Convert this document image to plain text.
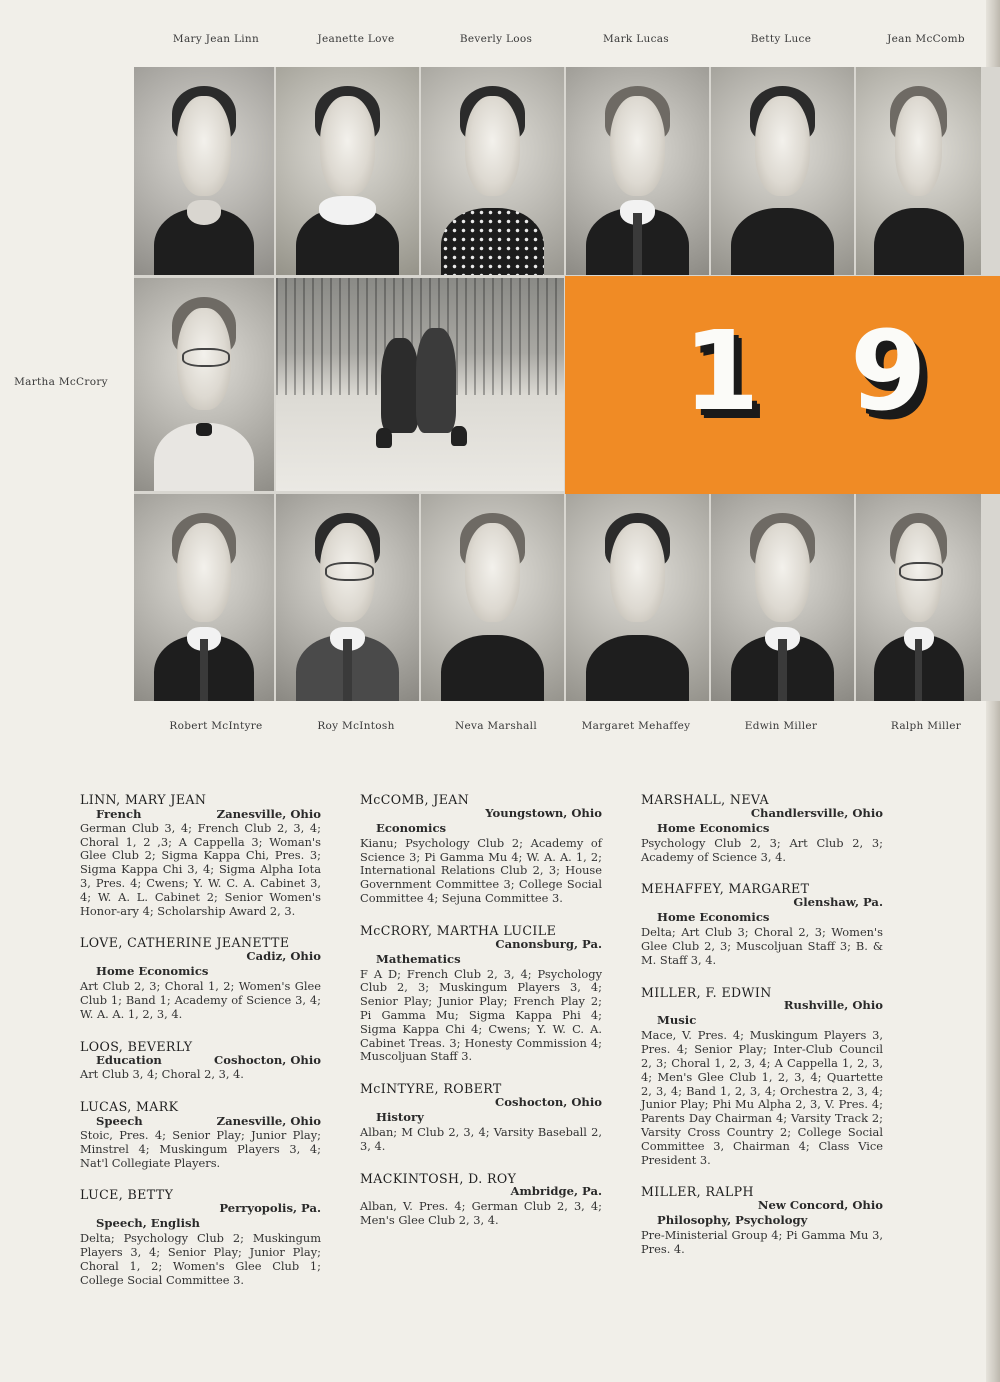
Mary Jean Linn	Jeanette Love	Beverly Loos	Mark Lucas	Betty Luce	Jean McComb
Martha McCrory	1 9
Robert McIntyre	Roy McIntosh	Neva Marshall	Margaret Mehaffey	Edwin Miller	Ralph Miller
LINN, MARY JEAN
French	Zanesville, Ohio
German Club 3, 4; French Club 2, 3, 4; Choral 1, 2 ,3; A Cappella 3; Woman's Glee Club 2; Sigma Kappa Chi, Pres. 3; Sigma Kappa Chi 3, 4; Sigma Alpha Iota 3, Pres. 4; Cwens; Y. W. C. A. Cabinet 3, 4; W. A. L. Cabinet 2; Senior Women's Honor-ary 4; Scholarship Award 2, 3.
LOVE, CATHERINE JEANETTE
Cadiz, Ohio
Home Economics
Art Club 2, 3; Choral 1, 2; Women's Glee Club 1; Band 1; Academy of Science 3, 4; W. A. A. 1, 2, 3, 4.
LOOS, BEVERLY
Education	Coshocton, Ohio
Art Club 3, 4; Choral 2, 3, 4.
LUCAS, MARK
Speech	Zanesville, Ohio
Stoic, Pres. 4; Senior Play; Junior Play; Minstrel 4; Muskingum Players 3, 4; Nat'l Collegiate Players.
LUCE, BETTY
Perryopolis, Pa.
Speech, English
Delta; Psychology Club 2; Muskingum Players 3, 4; Senior Play; Junior Play; Choral 1, 2; Women's Glee Club 1; College Social Committee 3.
McCOMB, JEAN
Youngstown, Ohio
Economics
Kianu; Psychology Club 2; Academy of Science 3; Pi Gamma Mu 4; W. A. A. 1, 2; International Relations Club 2, 3; House Government Committee 3; College Social Committee 4; Sejuna Committee 3.
McCRORY, MARTHA LUCILE
Canonsburg, Pa.
Mathematics
F A D; French Club 2, 3, 4; Psychology Club 2, 3; Muskingum Players 3, 4; Senior Play; Junior Play; French Play 2; Pi Gamma Mu; Sigma Kappa Phi 4; Sigma Kappa Chi 4; Cwens; Y. W. C. A. Cabinet Treas. 3; Honesty Commission 4; Muscoljuan Staff 3.
McINTYRE, ROBERT
Coshocton, Ohio
History
Alban; M Club 2, 3, 4; Varsity Baseball 2, 3, 4.
MACKINTOSH, D. ROY
Ambridge, Pa.
Alban, V. Pres. 4; German Club 2, 3, 4; Men's Glee Club 2, 3, 4.
MARSHALL, NEVA
Chandlersville, Ohio
Home Economics
Psychology Club 2, 3; Art Club 2, 3; Academy of Science 3, 4.
MEHAFFEY, MARGARET
Glenshaw, Pa.
Home Economics
Delta; Art Club 3; Choral 2, 3; Women's Glee Club 2, 3; Muscoljuan Staff 3; B. & M. Staff 3, 4.
MILLER, F. EDWIN
Rushville, Ohio
Music
Mace, V. Pres. 4; Muskingum Players 3, Pres. 4; Senior Play; Inter-Club Council 2, 3; Choral 1, 2, 3, 4; A Cappella 1, 2, 3, 4; Men's Glee Club 1, 2, 3, 4; Quartette 2, 3, 4; Band 1, 2, 3, 4; Orchestra 2, 3, 4; Junior Play; Phi Mu Alpha 2, 3, V. Pres. 4; Parents Day Chairman 4; Varsity Track 2; Varsity Cross Country 2; College Social Committee 3, Chairman 4; Class Vice President 3.
MILLER, RALPH
New Concord, Ohio
Philosophy, Psychology
Pre-Ministerial Group 4; Pi Gamma Mu 3, Pres. 4.
